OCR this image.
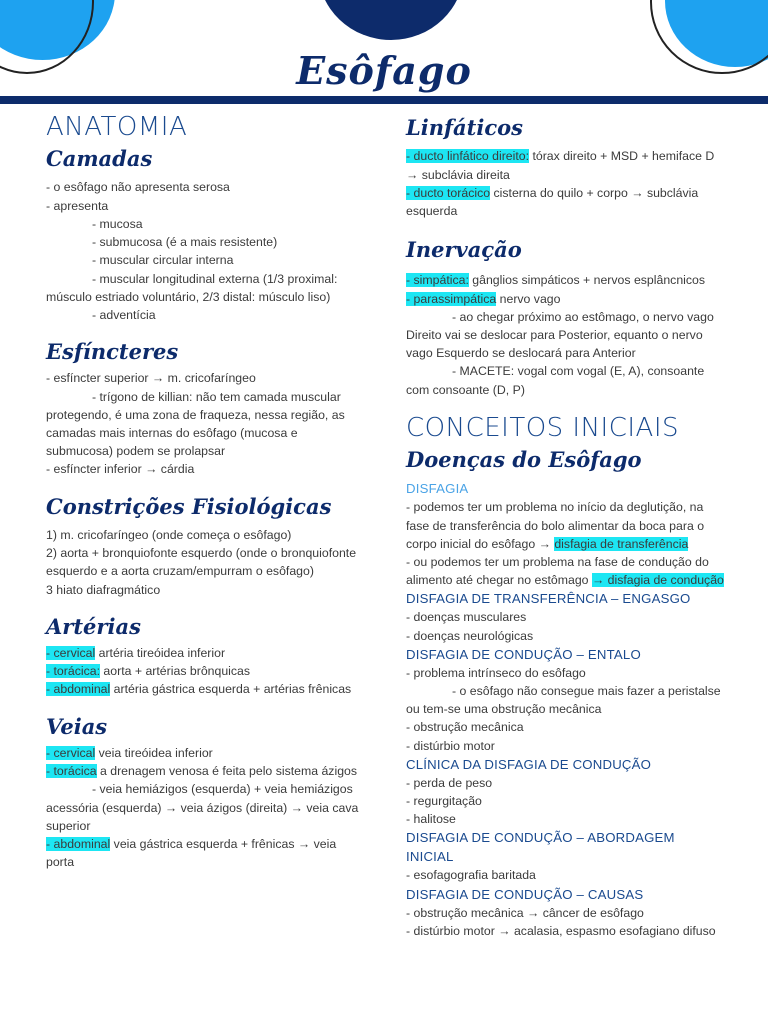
Esôfago
ANATOMIA
Camadas

- o esôfago não apresenta serosa

- apresenta

- mucosa

- submucosa (é a mais resistente)

- muscular circular interna

- muscular longitudinal externa (1/3 proximal: músculo estriado voluntário, 2/3 distal: músculo liso)

- adventícia

Esfíncteres

- esfíncter superior → m. cricofaríngeo

- trígono de killian: não tem camada muscular protegendo, é uma zona de fraqueza, nessa região, as camadas mais internas do esôfago (mucosa e submucosa) podem se prolapsar

- esfíncter inferior → cárdia

Constrições Fisiológicas

1) m. cricofaríngeo (onde começa o esôfago)

2) aorta + bronquiofonte esquerdo (onde o bronquiofonte esquerdo e a aorta cruzam/empurram o esôfago)

3 hiato diafragmático

Artérias

- cervical artéria tireóidea inferior

- torácica: aorta + artérias brônquicas

- abdominal artéria gástrica esquerda + artérias frênicas

Veias

- cervical veia tireóidea inferior

- torácica a drenagem venosa é feita pelo sistema ázigos

- veia hemiázigos (esquerda) + veia hemiázigos acessória (esquerda) → veia ázigos (direita) → veia cava superior

- abdominal veia gástrica esquerda + frênicas → veia porta

Linfáticos

- ducto linfático direito: tórax direito + MSD + hemiface D → subclávia direita

- ducto torácico cisterna do quilo + corpo → subclávia esquerda

Inervação

- simpática: gânglios simpáticos + nervos esplâncnicos

- parassimpática nervo vago

- ao chegar próximo ao estômago, o nervo vago Direito vai se deslocar para Posterior, equanto o nervo vago Esquerdo se deslocará para Anterior

- MACETE: vogal com vogal (E, A), consoante com consoante (D, P)

CONCEITOS INICIAIS
Doenças do Esôfago

DISFAGIA

- podemos ter um problema no início da deglutição, na fase de transferência do bolo alimentar da boca para o corpo inicial do esôfago → disfagia de transferência

- ou podemos ter um problema na fase de condução do alimento até chegar no estômago → disfagia de condução

DISFAGIA DE TRANSFERÊNCIA – ENGASGO

- doenças musculares

- doenças neurológicas

DISFAGIA DE CONDUÇÃO – ENTALO

- problema intrínseco do esôfago

- o esôfago não consegue mais fazer a peristalse ou tem-se uma obstrução mecânica

- obstrução mecânica

- distúrbio motor

CLÍNICA DA DISFAGIA DE CONDUÇÃO

- perda de peso

- regurgitação

- halitose

DISFAGIA DE CONDUÇÃO – ABORDAGEM INICIAL

- esofagografia baritada

DISFAGIA DE CONDUÇÃO – CAUSAS

- obstrução mecânica → câncer de esôfago

- distúrbio motor → acalasia, espasmo esofagiano difuso
